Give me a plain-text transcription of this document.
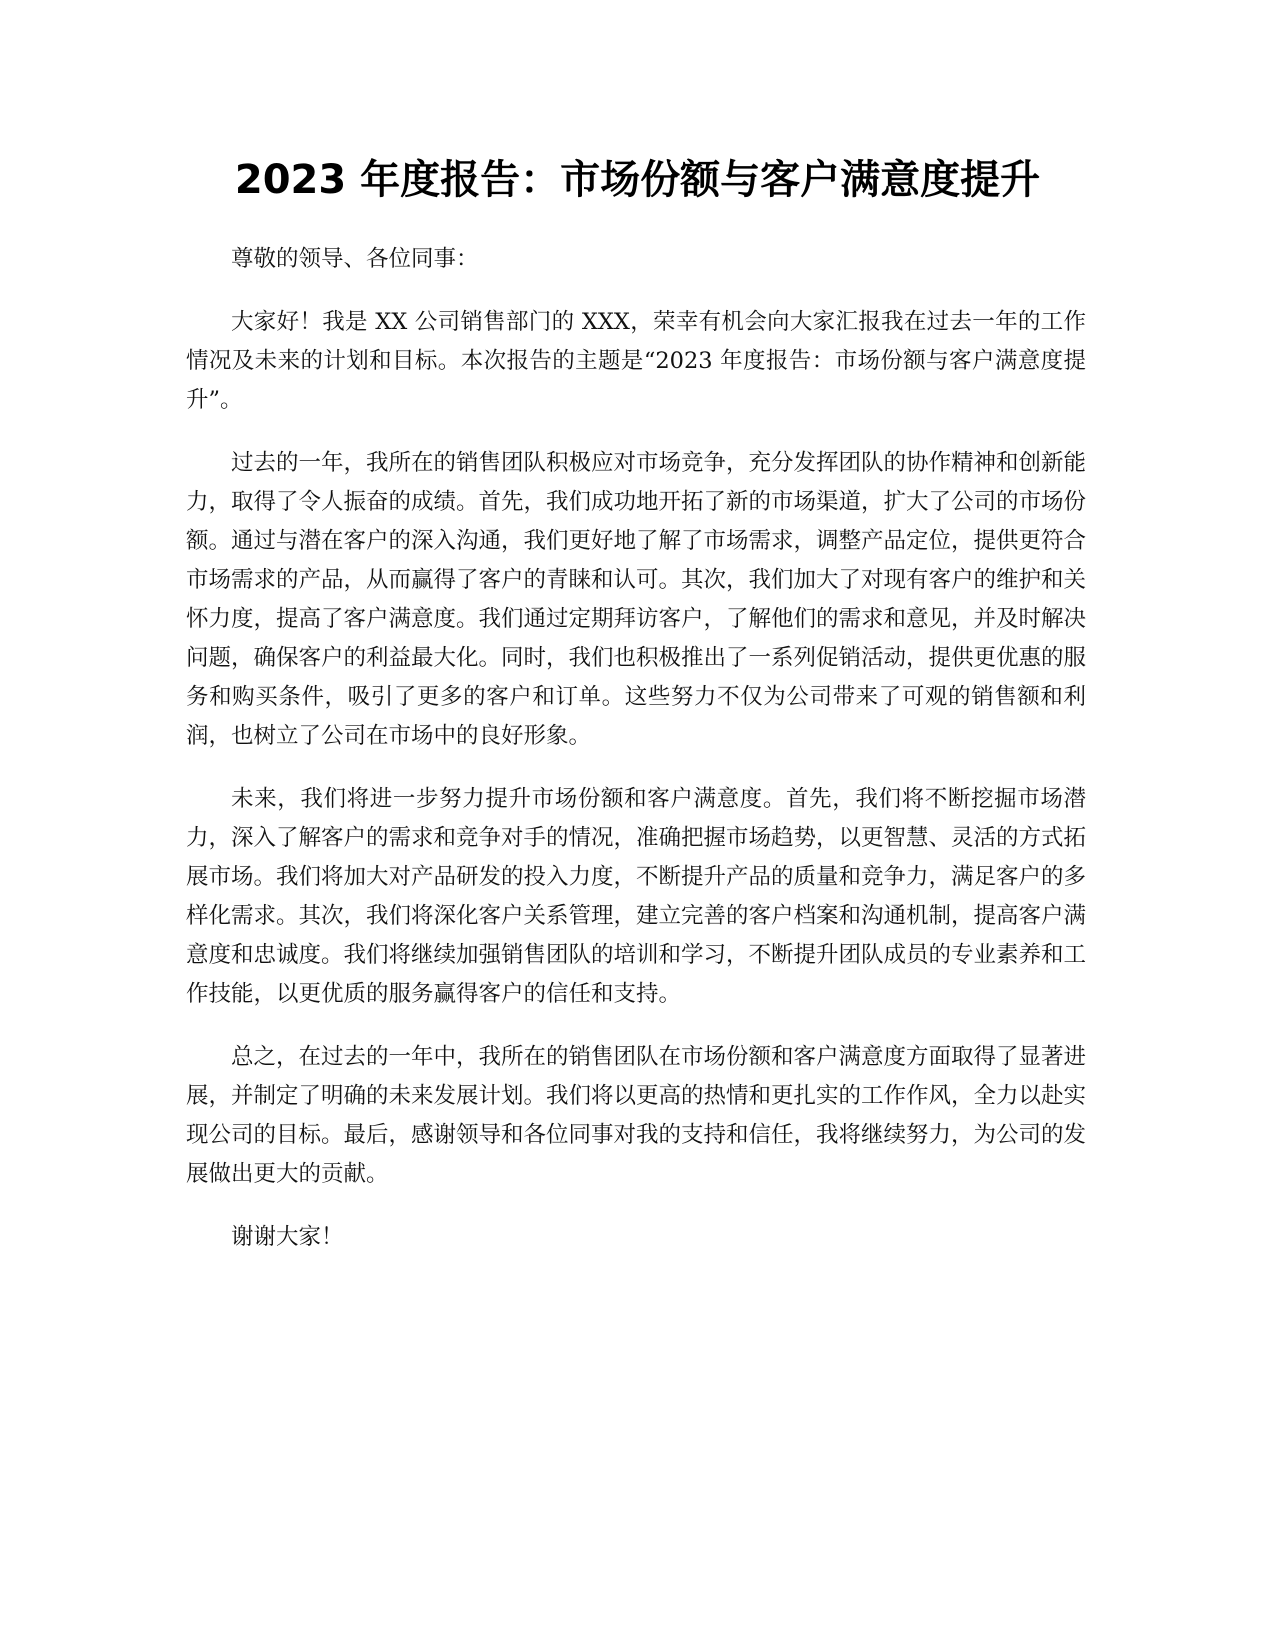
2023 年度报告：市场份额与客户满意度提升

尊敬的领导、各位同事：

大家好！我是 XX 公司销售部门的 XXX，荣幸有机会向大家汇报我在过去一年的工作情况及未来的计划和目标。本次报告的主题是“2023 年度报告：市场份额与客户满意度提升”。

过去的一年，我所在的销售团队积极应对市场竞争，充分发挥团队的协作精神和创新能力，取得了令人振奋的成绩。首先，我们成功地开拓了新的市场渠道，扩大了公司的市场份额。通过与潜在客户的深入沟通，我们更好地了解了市场需求，调整产品定位，提供更符合市场需求的产品，从而赢得了客户的青睐和认可。其次，我们加大了对现有客户的维护和关怀力度，提高了客户满意度。我们通过定期拜访客户，了解他们的需求和意见，并及时解决问题，确保客户的利益最大化。同时，我们也积极推出了一系列促销活动，提供更优惠的服务和购买条件，吸引了更多的客户和订单。这些努力不仅为公司带来了可观的销售额和利润，也树立了公司在市场中的良好形象。

未来，我们将进一步努力提升市场份额和客户满意度。首先，我们将不断挖掘市场潜力，深入了解客户的需求和竞争对手的情况，准确把握市场趋势，以更智慧、灵活的方式拓展市场。我们将加大对产品研发的投入力度，不断提升产品的质量和竞争力，满足客户的多样化需求。其次，我们将深化客户关系管理，建立完善的客户档案和沟通机制，提高客户满意度和忠诚度。我们将继续加强销售团队的培训和学习，不断提升团队成员的专业素养和工作技能，以更优质的服务赢得客户的信任和支持。

总之，在过去的一年中，我所在的销售团队在市场份额和客户满意度方面取得了显著进展，并制定了明确的未来发展计划。我们将以更高的热情和更扎实的工作作风，全力以赴实现公司的目标。最后，感谢领导和各位同事对我的支持和信任，我将继续努力，为公司的发展做出更大的贡献。

谢谢大家！
